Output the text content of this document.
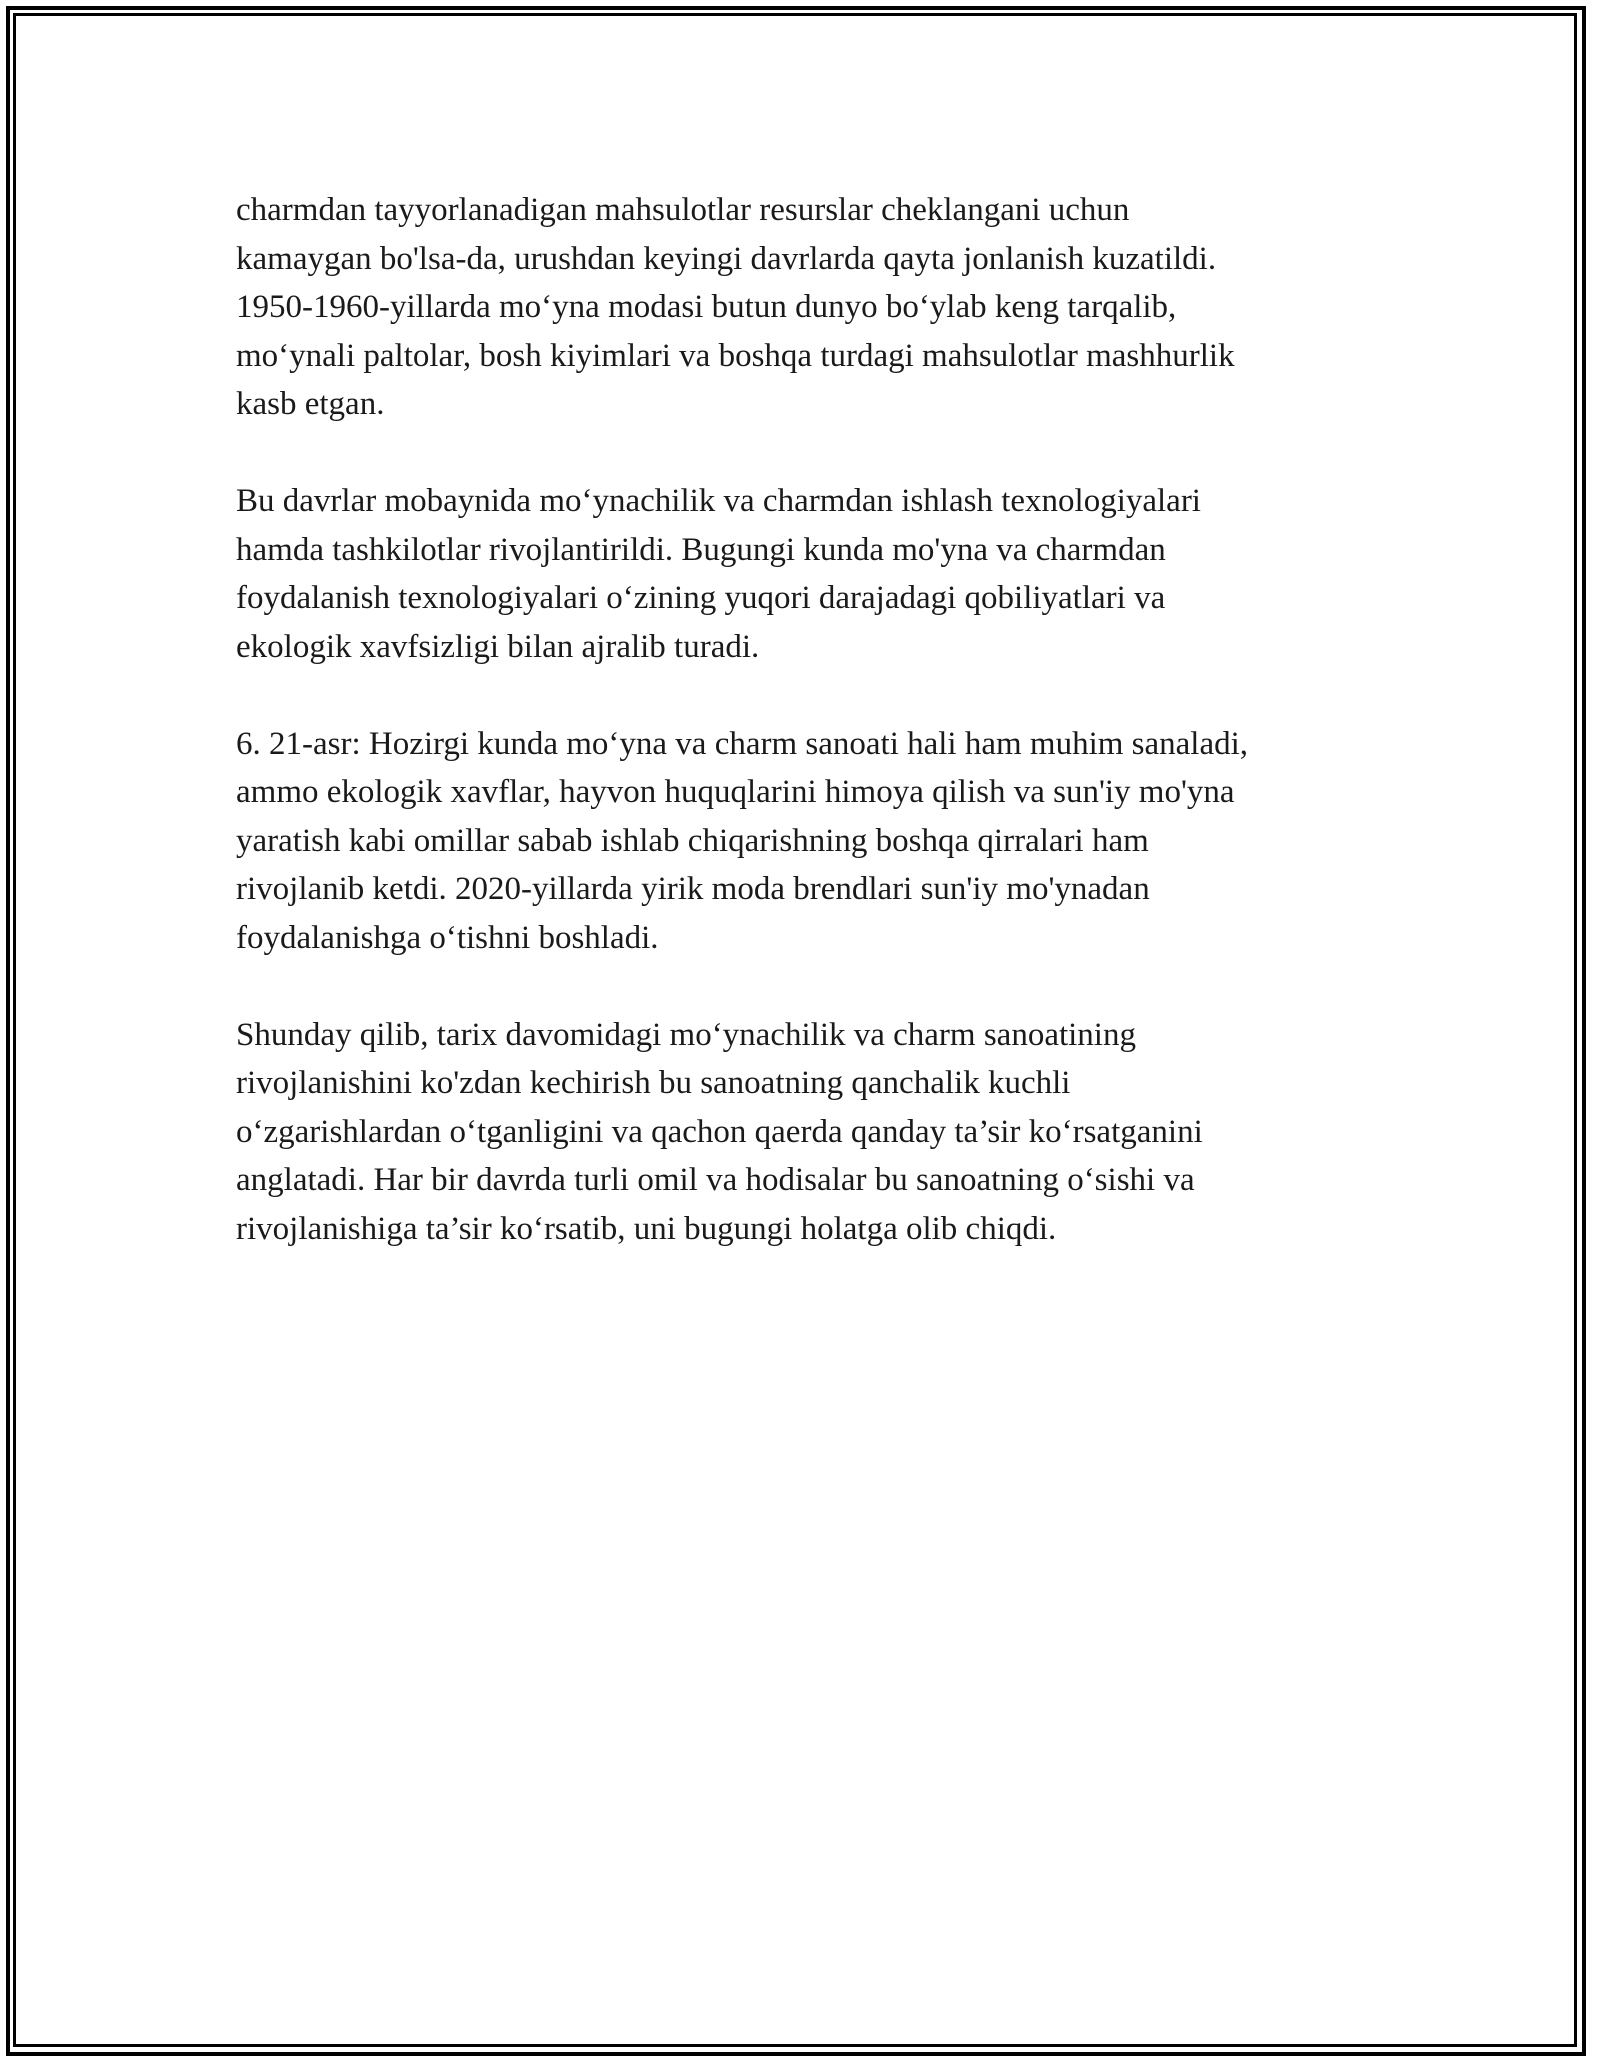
charmdan tayyorlanadigan mahsulotlar resurslar cheklangani uchun
kamaygan bo'lsa-da, urushdan keyingi davrlarda qayta jonlanish kuzatildi.
1950-1960-yillarda mo‘yna modasi butun dunyo bo‘ylab keng tarqalib,
mo‘ynali paltolar, bosh kiyimlari va boshqa turdagi mahsulotlar mashhurlik
kasb etgan.

Bu davrlar mobaynida mo‘ynachilik va charmdan ishlash texnologiyalari
hamda tashkilotlar rivojlantirildi. Bugungi kunda mo'yna va charmdan
foydalanish texnologiyalari o‘zining yuqori darajadagi qobiliyatlari va
ekologik xavfsizligi bilan ajralib turadi.

6. 21-asr: Hozirgi kunda mo‘yna va charm sanoati hali ham muhim sanaladi,
ammo ekologik xavflar, hayvon huquqlarini himoya qilish va sun'iy mo'yna
yaratish kabi omillar sabab ishlab chiqarishning boshqa qirralari ham
rivojlanib ketdi. 2020-yillarda yirik moda brendlari sun'iy mo'ynadan
foydalanishga o‘tishni boshladi.

Shunday qilib, tarix davomidagi mo‘ynachilik va charm sanoatining
rivojlanishini ko'zdan kechirish bu sanoatning qanchalik kuchli
o‘zgarishlardan o‘tganligini va qachon qaerda qanday ta’sir ko‘rsatganini
anglatadi. Har bir davrda turli omil va hodisalar bu sanoatning o‘sishi va
rivojlanishiga ta’sir ko‘rsatib, uni bugungi holatga olib chiqdi.
